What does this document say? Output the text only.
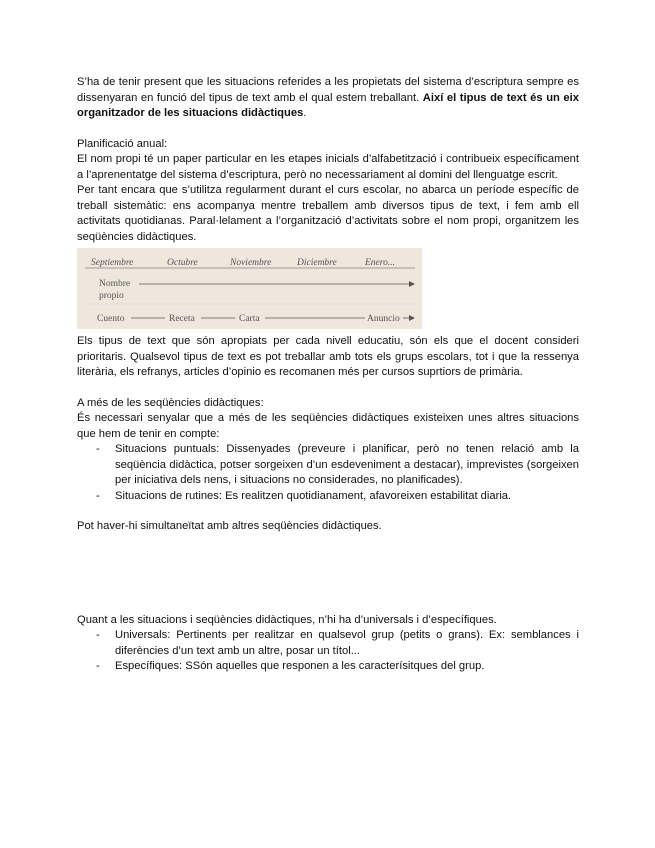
S’ha de tenir present que les situacions referides a les propietats del sistema d’escriptura sempre es dissenyaran en funció del tipus de text amb el qual estem treballant. Així el tipus de text és un eix organitzador de les situacions didàctiques.

Planificació anual:

El nom propi té un paper particular en les etapes inicials d’alfabetització i contribueix específicament a l’aprenentatge del sistema d’escriptura, però no necessariament al domini del llenguatge escrit.

Per tant encara que s’utilitza regularment durant el curs escolar, no abarca un període específic de treball sistemàtic: ens acompanya mentre treballem amb diversos tipus de text, i fem amb ell activitats quotidianas. Paral·lelament a l’organització d’activitats sobre el nom propi, organitzem les seqüències didàctiques.

Septiembre	Octubre	Noviembre	Diciembre	Enero...
Nombre
propio
Cuento	Receta	Carta	Anuncio

Els tipus de text que són apropiats per cada nivell educatiu, són els que el docent consideri prioritaris. Qualsevol tipus de text es pot treballar amb tots els grups escolars, tot i que la ressenya literària, els refranys, articles d’opinio es recomanen més per cursos suprtiors de primària.

A més de les seqüències didàctiques:

És necessari senyalar que a més de les seqüències didàctiques existeixen unes altres situacions que hem de tenir en compte:

- Situacions puntuals: Dissenyades (preveure i planificar, però no tenen relació amb la seqüència didàctica, potser sorgeixen d’un esdeveniment a destacar), imprevistes (sorgeixen per iniciativa dels nens, i situacions no considerades, no planificades).
- Situacions de rutines: Es realitzen quotidianament, afavoreixen estabilitat diaria.

Pot haver-hi simultaneïtat amb altres seqüències didàctiques.

Quant a les situacions i seqüències didàctiques, n’hi ha d’universals i d’específiques.

- Universals: Pertinents per realitzar en qualsevol grup (petits o grans). Ex: semblances i diferències d’un text amb un altre, posar un títol...
- Específiques: SSón aquelles que responen a les caracterísitques del grup.
